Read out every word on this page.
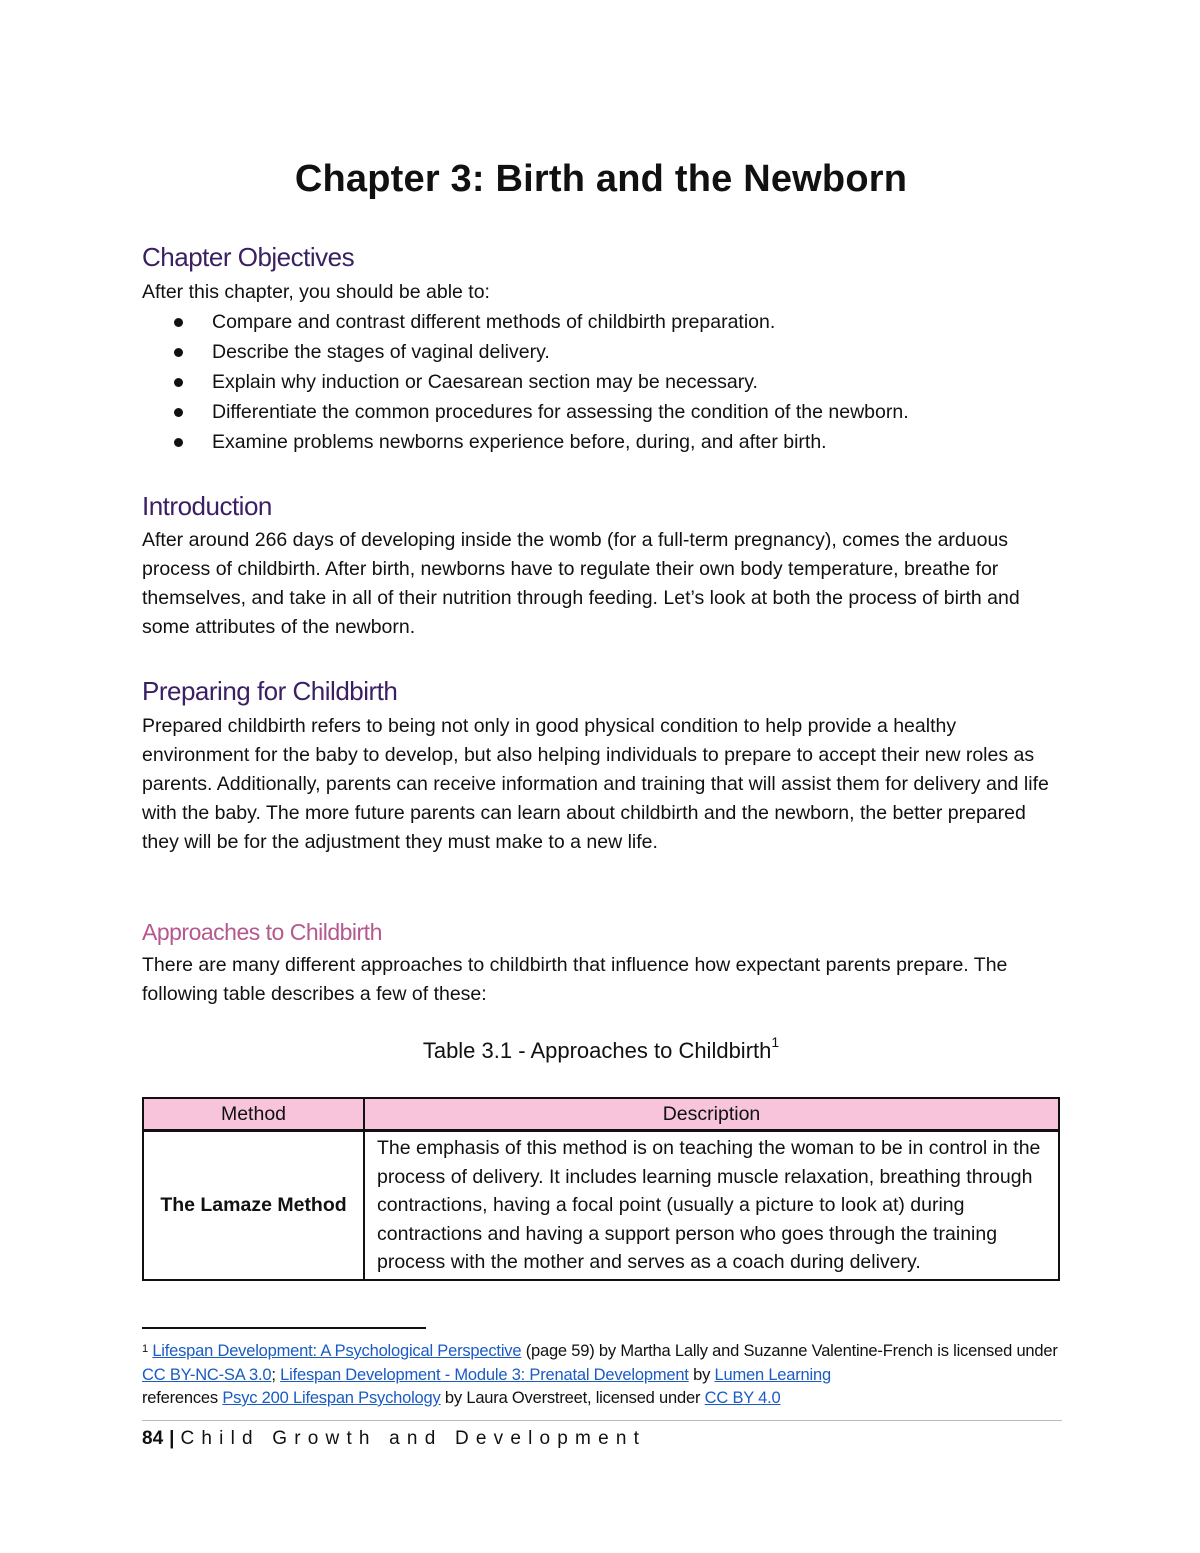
Chapter 3: Birth and the Newborn
Chapter Objectives
After this chapter, you should be able to:
Compare and contrast different methods of childbirth preparation.
Describe the stages of vaginal delivery.
Explain why induction or Caesarean section may be necessary.
Differentiate the common procedures for assessing the condition of the newborn.
Examine problems newborns experience before, during, and after birth.
Introduction
After around 266 days of developing inside the womb (for a full-term pregnancy), comes the arduous process of childbirth. After birth, newborns have to regulate their own body temperature, breathe for themselves, and take in all of their nutrition through feeding. Let’s look at both the process of birth and some attributes of the newborn.
Preparing for Childbirth
Prepared childbirth refers to being not only in good physical condition to help provide a healthy environment for the baby to develop, but also helping individuals to prepare to accept their new roles as parents. Additionally, parents can receive information and training that will assist them for delivery and life with the baby. The more future parents can learn about childbirth and the newborn, the better prepared they will be for the adjustment they must make to a new life.
Approaches to Childbirth
There are many different approaches to childbirth that influence how expectant parents prepare. The following table describes a few of these:
Table 3.1 - Approaches to Childbirth$^1$
Method	Description
The Lamaze Method	The emphasis of this method is on teaching the woman to be in control in the process of delivery. It includes learning muscle relaxation, breathing through contractions, having a focal point (usually a picture to look at) during contractions and having a support person who goes through the training process with the mother and serves as a coach during delivery.
$^1$ Lifespan Development: A Psychological Perspective (page 59) by Martha Lally and Suzanne Valentine-French is licensed under CC BY-NC-SA 3.0; Lifespan Development - Module 3: Prenatal Development by Lumen Learning
references Psyc 200 Lifespan Psychology by Laura Overstreet, licensed under CC BY 4.0
84 | Child Growth and Development
